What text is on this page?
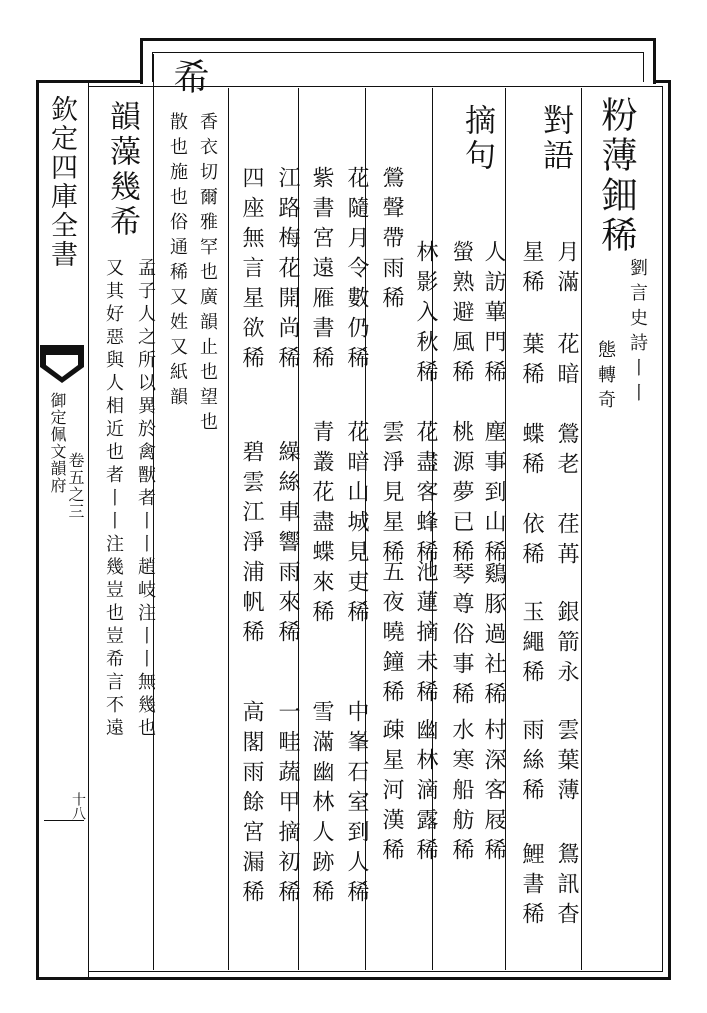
欽定四庫全書
御定佩文韻府 卷五之三
十八
粉薄鈿稀
劉言史詩丨丨
態轉奇
對語
摘句
希
香衣切爾雅罕也廣韻止也望也
散也施也俗通稀又姓又紙韻
韻藻幾希
孟子人之所以異於禽獸者丨丨趙岐注丨丨無幾也
又其好惡與人相近也者丨丨注幾豈也豈希言不遠	月滿
花暗
鶯老
荏苒
銀箭永
雲葉薄
鴛訊杳
星稀
葉稀
蝶稀
依稀
玉繩稀
雨絲稀
鯉書稀
人訪蓽門稀
塵事到山稀
鷄豚過社稀
村深客屐稀
螢熟避風稀
桃源夢已稀
琴尊俗事稀
水寒船舫稀
林影入秋稀
花盡客蜂稀
池蓮摘未稀
幽林滴露稀
鶯聲帶雨稀
雲淨見星稀
五夜曉鐘稀
疎星河漢稀
花隨月令數仍稀
花暗山城見吏稀
中峯石室到人稀
紫書宮遠雁書稀
青叢花盡蝶來稀
雪滿幽林人跡稀
江路梅花開尚稀
繰絲車響雨來稀
一畦蔬甲摘初稀
四座無言星欲稀
碧雲江淨浦帆稀
高閣雨餘宮漏稀
